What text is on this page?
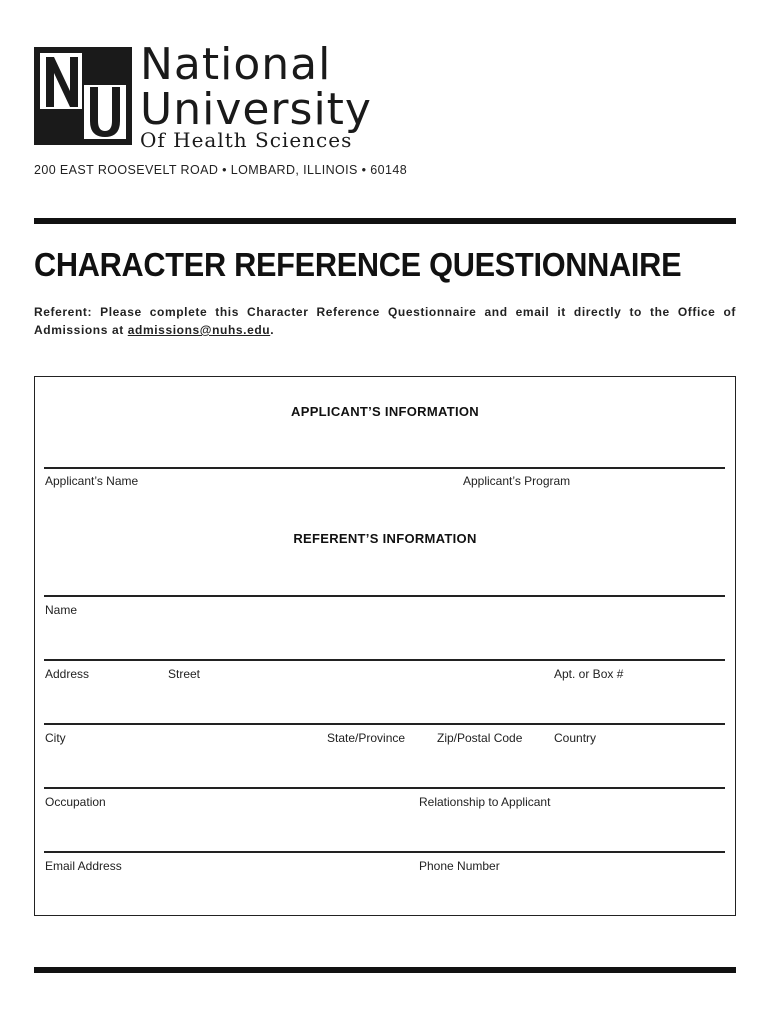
National
University
Of Health Sciences
200 EAST ROOSEVELT ROAD • LOMBARD, ILLINOIS • 60148
CHARACTER REFERENCE QUESTIONNAIRE
Referent: Please complete this Character Reference Questionnaire and email it directly to the Office of Admissions at admissions@nuhs.edu.
APPLICANT’S INFORMATION
Applicant’s Name	Applicant’s Program
REFERENT’S INFORMATION
Name
Address	Street	Apt. or Box #
City	State/Province	Zip/Postal Code	Country
Occupation	Relationship to Applicant
Email Address	Phone Number
